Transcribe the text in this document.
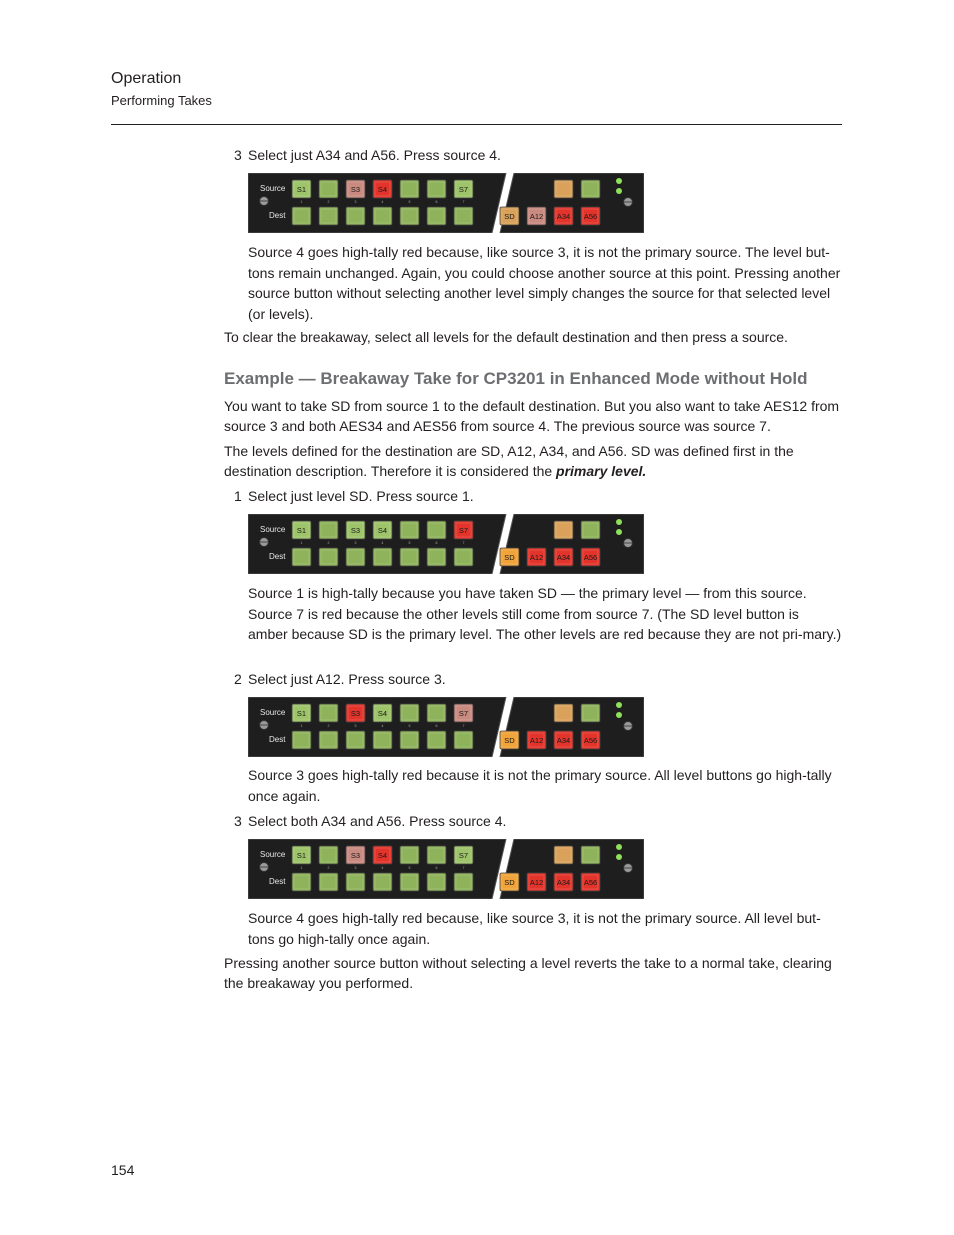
Operation
Performing Takes

3 Select just A34 and A56. Press source 4.

Source
Dest
S1
1	2
S3
3
S4
4	5	6
S7
7
SD A12 A34 A56

Source 4 goes high-tally red because, like source 3, it is not the primary source. The level but-tons remain unchanged. Again, you could choose another source at this point. Pressing another source button without selecting another level simply changes the source for that selected level (or levels).

To clear the breakaway, select all levels for the default destination and then press a source.

Example — Breakaway Take for CP3201 in Enhanced Mode without Hold

You want to take SD from source 1 to the default destination. But you also want to take AES12 from source 3 and both AES34 and AES56 from source 4. The previous source was source 7.

The levels defined for the destination are SD, A12, A34, and A56. SD was defined first in the destination description. Therefore it is considered the primary level.

1 Select just level SD. Press source 1.

Source
Dest
S1
1	2
S3
3
S4
4	5	6
S7
7
SD A12 A34 A56

Source 1 is high-tally because you have taken SD — the primary level — from this source. Source 7 is red because the other levels still come from source 7. (The SD level button is amber because SD is the primary level. The other levels are red because they are not pri-mary.)

2 Select just A12. Press source 3.

Source
Dest
S1
1	2
S3
3
S4
4	5	6
S7
7
SD A12 A34 A56

Source 3 goes high-tally red because it is not the primary source. All level buttons go high-tally once again.

3 Select both A34 and A56. Press source 4.

Source
Dest
S1
1	2
S3
3
S4
4	5	6
S7
7
SD A12 A34 A56

Source 4 goes high-tally red because, like source 3, it is not the primary source. All level but-tons go high-tally once again.

Pressing another source button without selecting a level reverts the take to a normal take, clearing the breakaway you performed.

154
